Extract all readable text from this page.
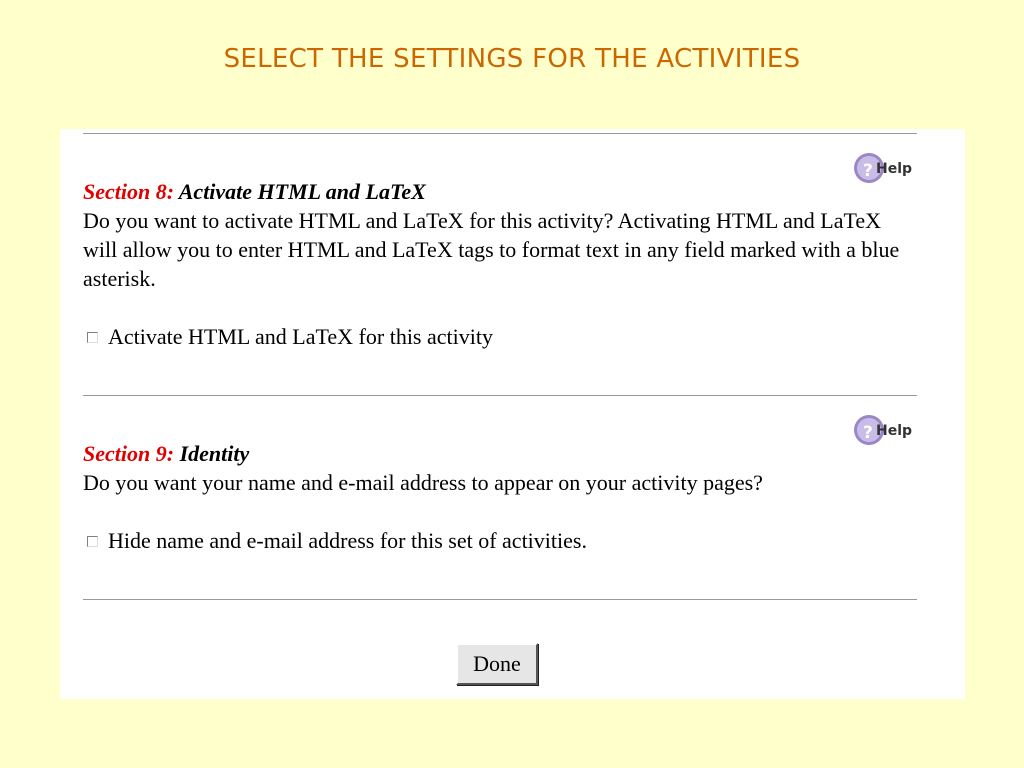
SELECT THE SETTINGS FOR THE ACTIVITIES
? Help
Section 8: Activate HTML and LaTeX
Do you want to activate HTML and LaTeX for this activity? Activating HTML and LaTeX will allow you to enter HTML and LaTeX tags to format text in any field marked with a blue asterisk.
Activate HTML and LaTeX for this activity
? Help
Section 9: Identity
Do you want your name and e-mail address to appear on your activity pages?
Hide name and e-mail address for this set of activities.
Done
